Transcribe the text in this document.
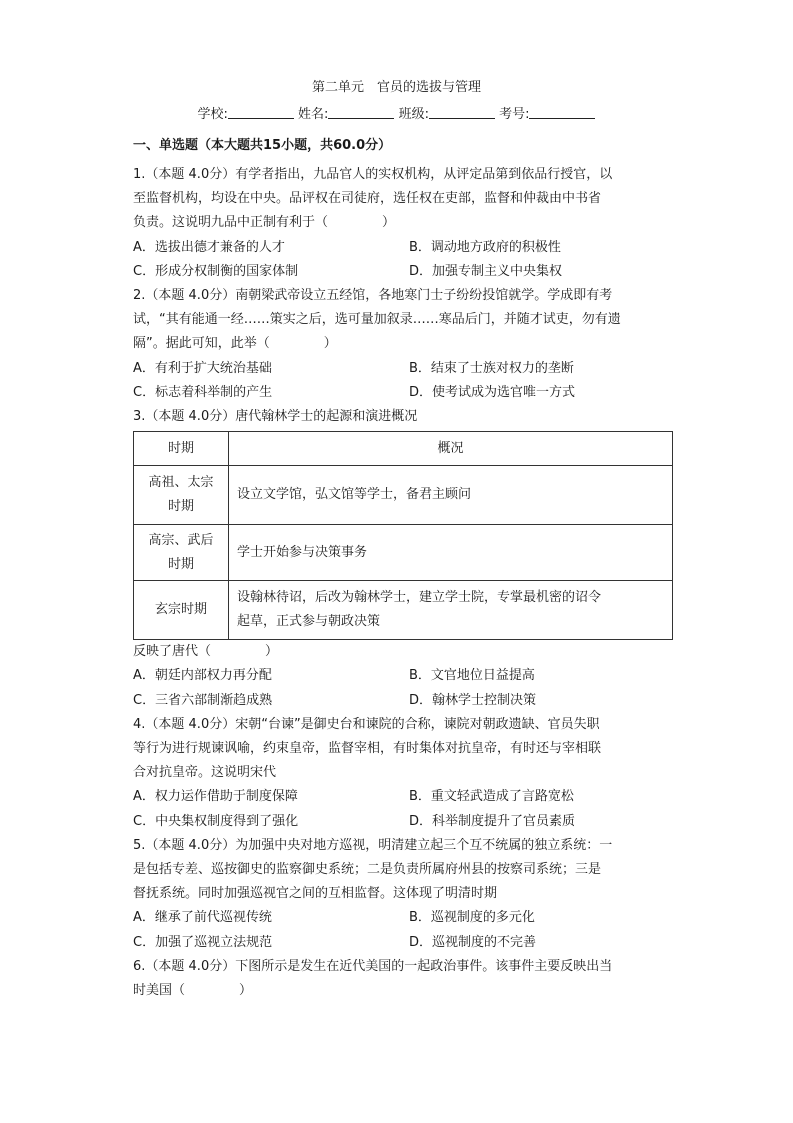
第二单元　官员的选拔与管理
学校:	姓名:	班级:	考号:
一、单选题（本大题共15小题，共60.0分）

1.（本题 4.0分）有学者指出，九品官人的实权机构，从评定品第到依品行授官，以

至监督机构，均设在中央。品评权在司徒府，选任权在吏部，监督和仲裁由中书省

负责。这说明九品中正制有利于（	）

A．选拔出德才兼备的人才	B．调动地方政府的积极性
C．形成分权制衡的国家体制	D．加强专制主义中央集权

2.（本题 4.0分）南朝梁武帝设立五经馆，各地寒门士子纷纷投馆就学。学成即有考

试，“其有能通一经……策实之后，选可量加叙录……寒品后门，并随才试吏，勿有遗

隔”。据此可知，此举（	）

A．有利于扩大统治基础	B．结束了士族对权力的垄断
C．标志着科举制的产生	D．使考试成为选官唯一方式

3.（本题 4.0分）唐代翰林学士的起源和演进概况

时期	概况
高祖、太宗
时期	设立文学馆，弘文馆等学士，备君主顾问
高宗、武后
时期	学士开始参与决策事务
玄宗时期	设翰林待诏，后改为翰林学士，建立学士院，专掌最机密的诏令
起草，正式参与朝政决策

反映了唐代（	）

A．朝廷内部权力再分配	B．文官地位日益提高
C．三省六部制渐趋成熟	D．翰林学士控制决策

4.（本题 4.0分）宋朝“台谏”是御史台和谏院的合称，谏院对朝政遗缺、官员失职

等行为进行规谏讽喻，约束皇帝，监督宰相，有时集体对抗皇帝，有时还与宰相联

合对抗皇帝。这说明宋代

A．权力运作借助于制度保障	B．重文轻武造成了言路宽松
C．中央集权制度得到了强化	D．科举制度提升了官员素质

5.（本题 4.0分）为加强中央对地方巡视，明清建立起三个互不统属的独立系统：一

是包括专差、巡按御史的监察御史系统；二是负责所属府州县的按察司系统；三是

督抚系统。同时加强巡视官之间的互相监督。这体现了明清时期

A．继承了前代巡视传统	B．巡视制度的多元化
C．加强了巡视立法规范	D．巡视制度的不完善

6.（本题 4.0分）下图所示是发生在近代美国的一起政治事件。该事件主要反映出当

时美国（	）
